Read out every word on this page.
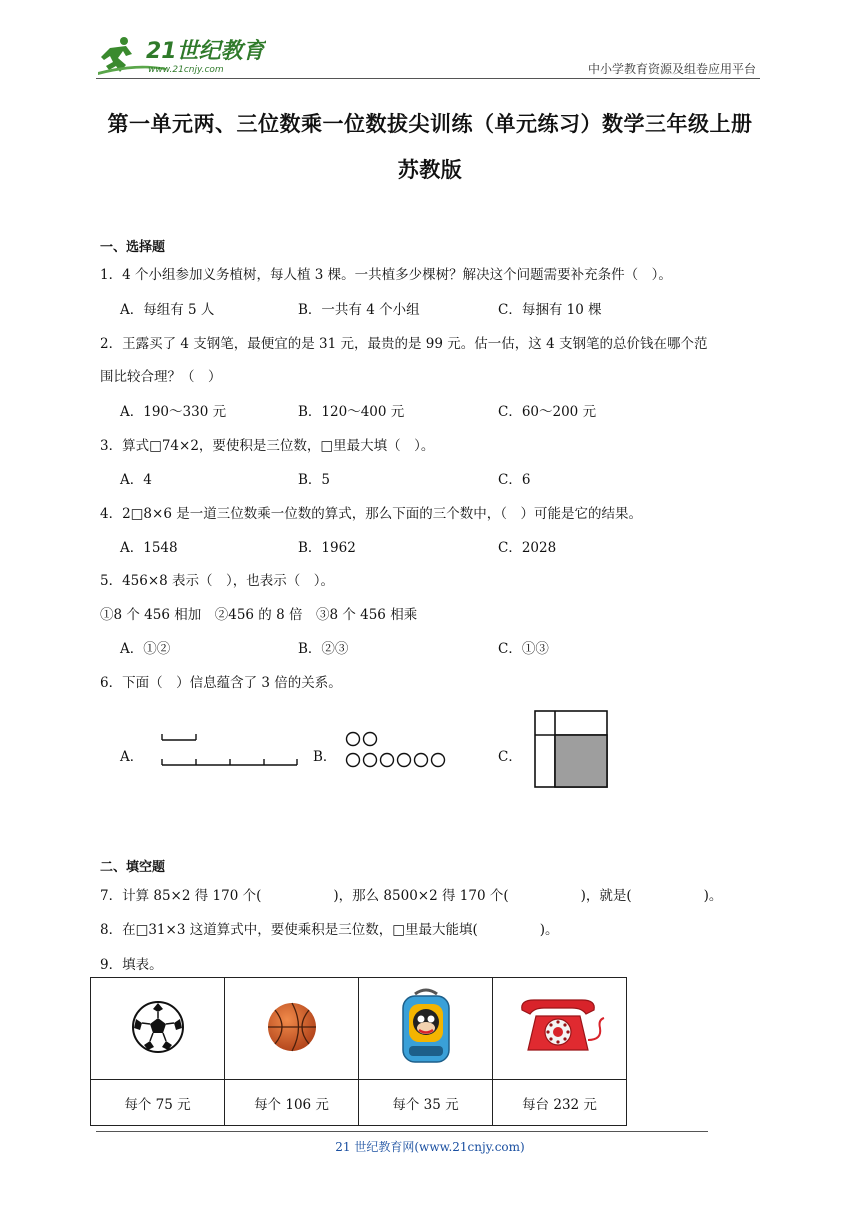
21世纪教育
www.21cnjy.com	中小学教育资源及组卷应用平台
第一单元两、三位数乘一位数拔尖训练（单元练习）数学三年级上册
苏教版
一、选择题
1．4 个小组参加义务植树，每人植 3 棵。一共植多少棵树？解决这个问题需要补充条件（　）。
A．每组有 5 人	B．一共有 4 个小组	C．每捆有 10 棵
2．王露买了 4 支钢笔，最便宜的是 31 元，最贵的是 99 元。估一估，这 4 支钢笔的总价钱在哪个范
围比较合理？（　）
A．190～330 元	B．120～400 元	C．60～200 元
3．算式□74×2，要使积是三位数，□里最大填（　）。
A．4	B．5	C．6
4．2□8×6 是一道三位数乘一位数的算式，那么下面的三个数中，（　）可能是它的结果。
A．1548	B．1962	C．2028
5．456×8 表示（　），也表示（　）。
①8 个 456 相加　②456 的 8 倍　③8 个 456 相乘
A．①②	B．②③	C．①③
6．下面（　）信息蕴含了 3 倍的关系。
A．	B．	C．
二、填空题
7．计算 85×2 得 170 个(	)，那么 8500×2 得 170 个(	)，就是(	)。
8．在□31×3 这道算式中，要使乘积是三位数，□里最大能填(	)。
9．填表。

每个 75 元	每个 106 元	每个 35 元	每台 232 元
21 世纪教育网(www.21cnjy.com)
